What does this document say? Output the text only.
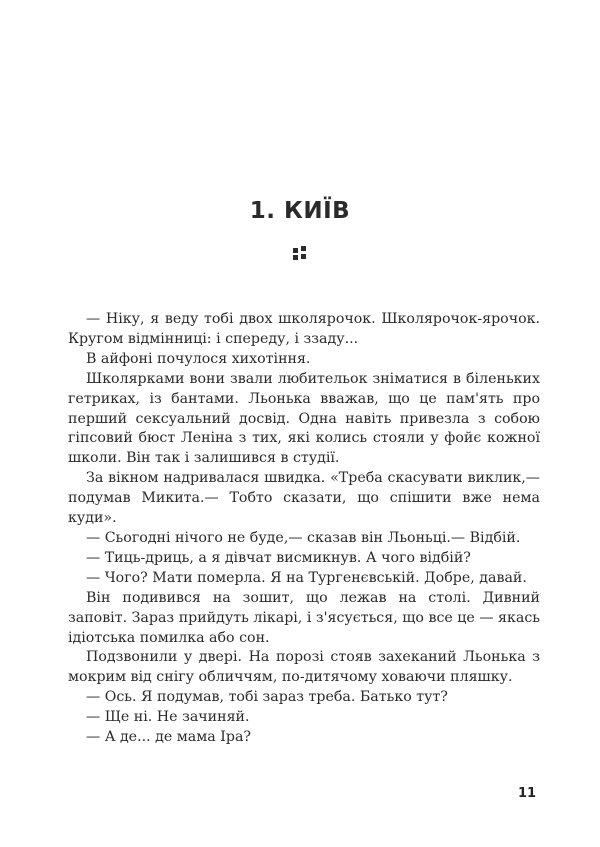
1. КИЇВ

— Ніку, я веду тобі двох школярочок. Школярочок-ярочок. Кругом відмінниці: і спереду, і ззаду...

В айфоні почулося хихотіння.

Школярками вони звали любительок зніматися в біленьких гетриках, із бантами. Льонька вважав, що це пам'ять про перший сексуальний досвід. Одна навіть привезла з собою гіпсовий бюст Леніна з тих, які колись стояли у фойє кожної школи. Він так і залишився в студії.

За вікном надривалася швидка. «Треба скасувати виклик,— подумав Микита.— Тобто сказати, що спішити вже нема куди».

— Сьогодні нічого не буде,— сказав він Льоньці.— Відбій.

— Тиць-дриць, а я дівчат висмикнув. А чого відбій?

— Чого? Мати померла. Я на Тургенєвській. Добре, давай.

Він подивився на зошит, що лежав на столі. Дивний заповіт. Зараз прийдуть лікарі, і з'ясується, що все це — якась ідіотська помилка або сон.

Подзвонили у двері. На порозі стояв захеканий Льонька з мокрим від снігу обличчям, по-дитячому ховаючи пляшку.

— Ось. Я подумав, тобі зараз треба. Батько тут?

— Ще ні. Не зачиняй.

— А де... де мама Іра?

11
